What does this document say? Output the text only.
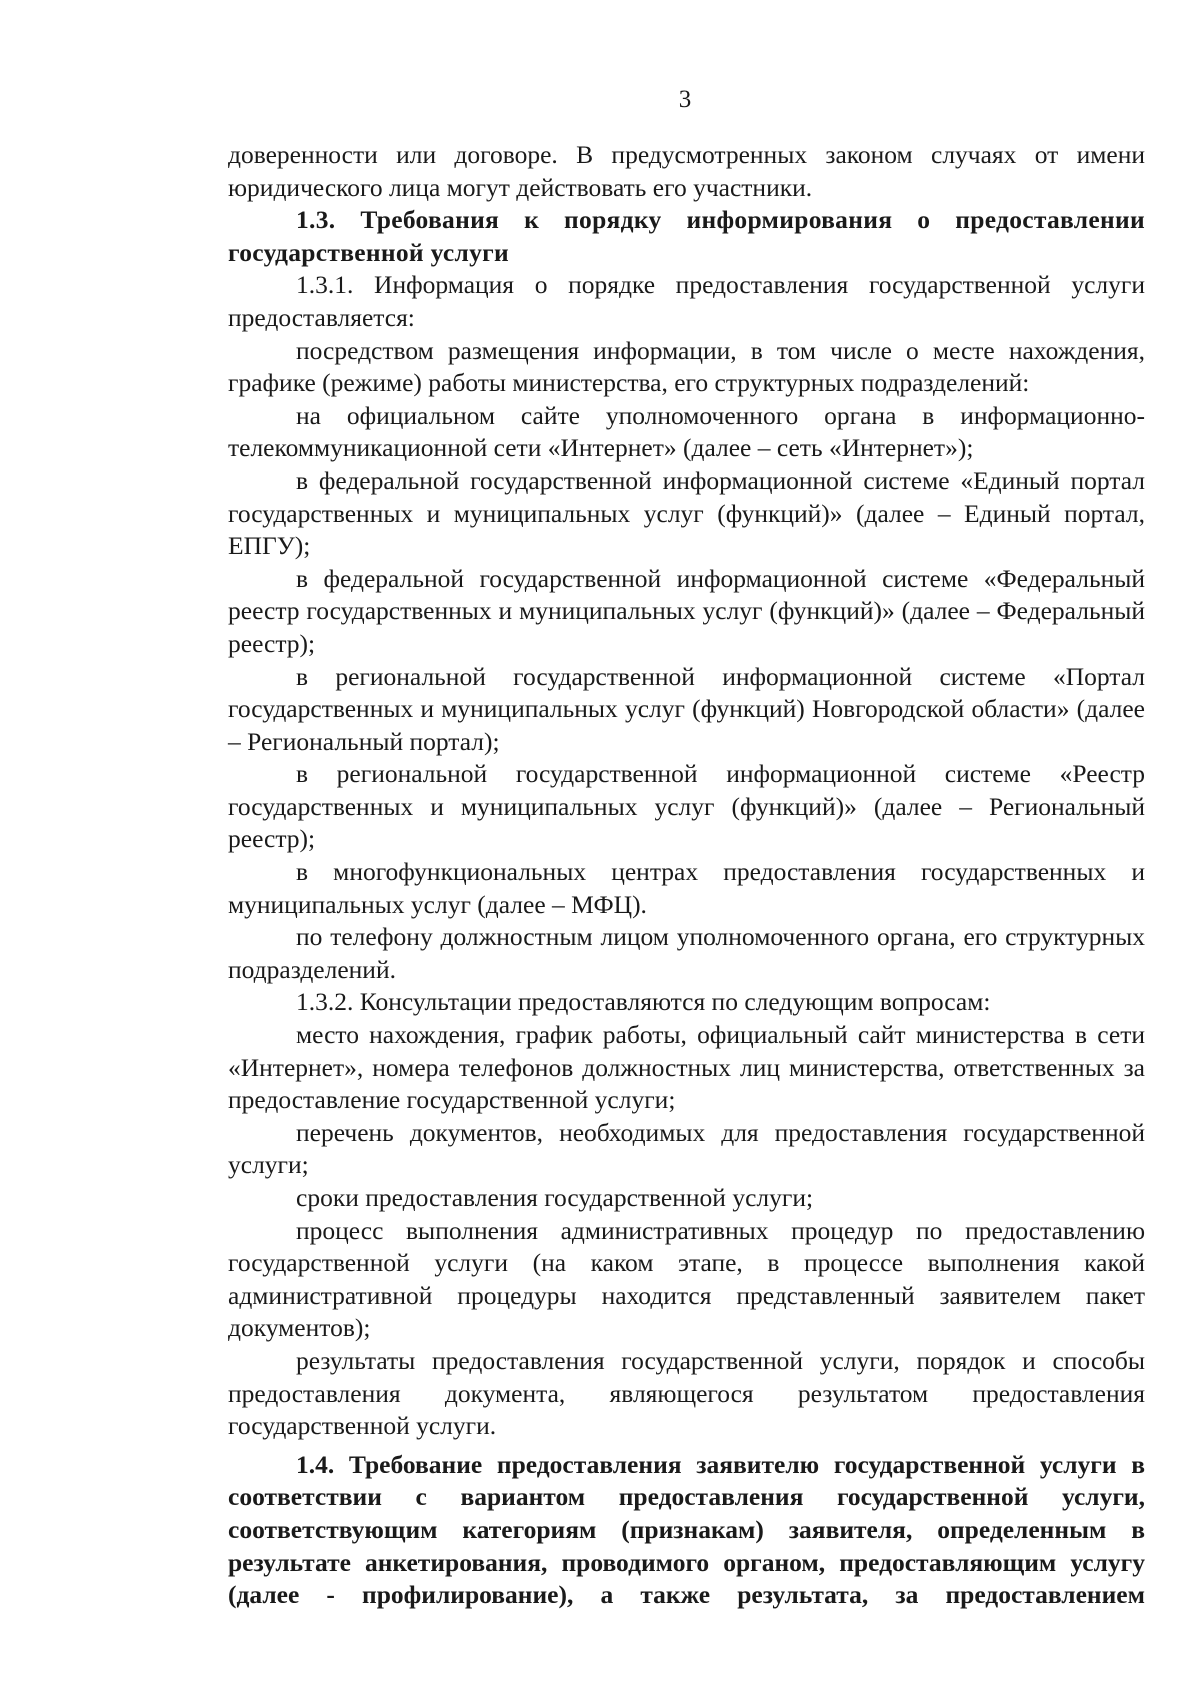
3

доверенности или договоре. В предусмотренных законом случаях от имени юридического лица могут действовать его участники.

1.3. Требования к порядку информирования о предоставлении государственной услуги

1.3.1. Информация о порядке предоставления государственной услуги предоставляется:

посредством размещения информации, в том числе о месте нахождения, графике (режиме) работы министерства, его структурных подразделений:

на официальном сайте уполномоченного органа в информационно-телекоммуникационной сети «Интернет» (далее – сеть «Интернет»);

в федеральной государственной информационной системе «Единый портал государственных и муниципальных услуг (функций)» (далее – Единый портал, ЕПГУ);

в федеральной государственной информационной системе «Федеральный реестр государственных и муниципальных услуг (функций)» (далее – Федеральный реестр);

в региональной государственной информационной системе «Портал государственных и муниципальных услуг (функций) Новгородской области» (далее – Региональный портал);

в региональной государственной информационной системе «Реестр государственных и муниципальных услуг (функций)» (далее – Региональный реестр);

в многофункциональных центрах предоставления государственных и муниципальных услуг (далее – МФЦ).

по телефону должностным лицом уполномоченного органа, его структурных подразделений.

1.3.2. Консультации предоставляются по следующим вопросам:

место нахождения, график работы, официальный сайт министерства в сети «Интернет», номера телефонов должностных лиц министерства, ответственных за предоставление государственной услуги;

перечень документов, необходимых для предоставления государственной услуги;

сроки предоставления государственной услуги;

процесс выполнения административных процедур по предоставлению государственной услуги (на каком этапе, в процессе выполнения какой административной процедуры находится представленный заявителем пакет документов);

результаты предоставления государственной услуги, порядок и способы предоставления документа, являющегося результатом предоставления государственной услуги.

1.4. Требование предоставления заявителю государственной услуги в соответствии с вариантом предоставления государственной услуги, соответствующим категориям (признакам) заявителя, определенным в результате анкетирования, проводимого органом, предоставляющим услугу (далее - профилирование), а также результата, за предоставлением
